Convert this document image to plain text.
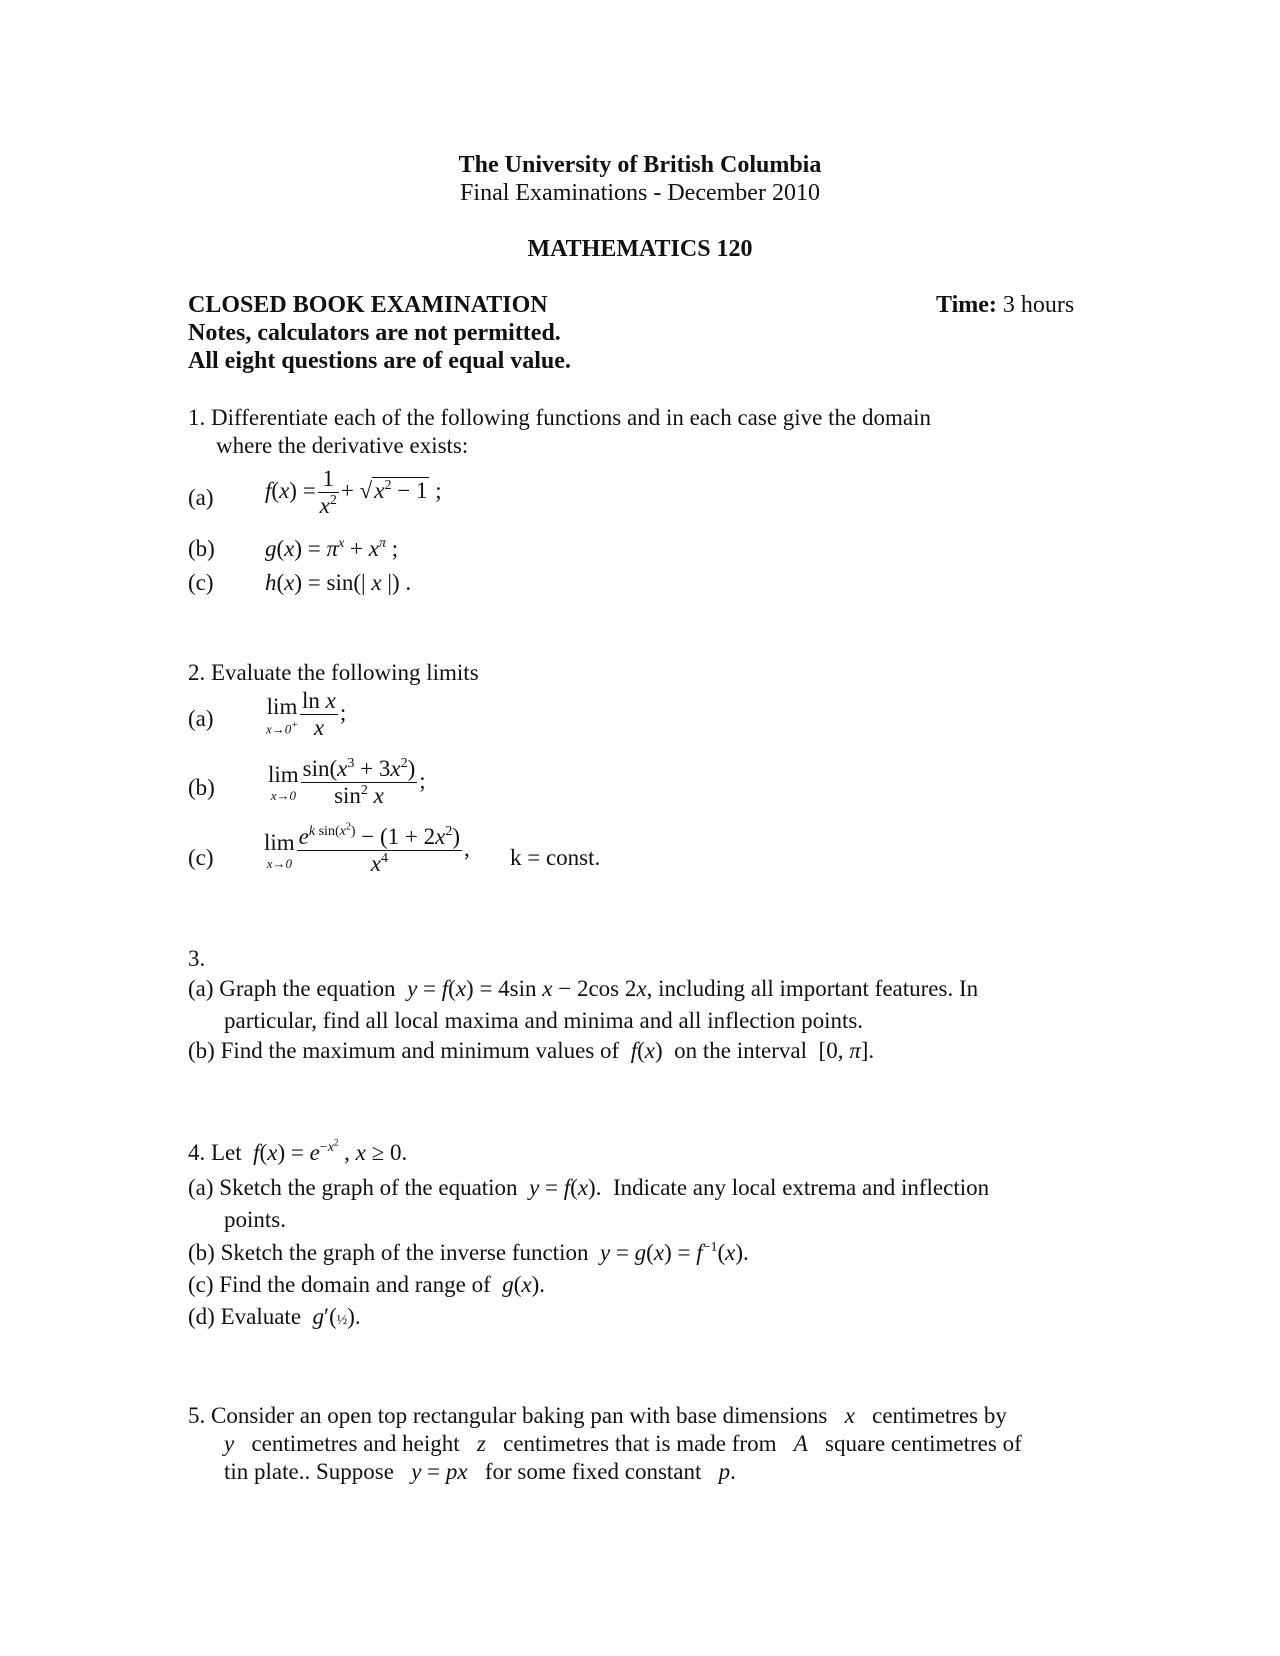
The University of British Columbia
Final Examinations - December 2010
MATHEMATICS 120
CLOSED BOOK EXAMINATION	Time: 3 hours
Notes, calculators are not permitted.
All eight questions are of equal value.
1. Differentiate each of the following functions and in each case give the domain
where the derivative exists:
(a) $f(x) = \frac{1}{x^2} + √x^2 - 1$ ;
(b) $g(x) = \pi^x + x^\pi$ ;
(c) h(x) = sin(| x |) .
2. Evaluate the following limits
(a) lim
$x\to 0^+ \frac{\text{ln x}}{x}$ ;
(b)
lim
$x\to 0 \frac{\sin(x^3 + 3x^2)}{\sin^2 x}$ ;
(c)
lim
$x\to 0 \frac{e^{k sin(x^2)} - (1 + 2x^2)}{x^4}$ , k = const.
3.
(a) Graph the equation y = f(x) = 4sin x − 2cos 2x, including all important features. In
particular, find all local maxima and minima and all inflection points.
(b) Find the maximum and minimum values of f(x)  on the interval  [0, π].
4. Let $f(x) = e^{-x^2}$ , x ≥ 0.
(a) Sketch the graph of the equation y = f(x).  Indicate any local extrema and inflection
points.
(b) Sketch the graph of the inverse function $y = g(x) = f^{-1}(x)$.
(c) Find the domain and range of g(x).
(d) Evaluate g′(½).
5. Consider an open top rectangular baking pan with base dimensions   x   centimetres by
y   centimetres and height   z   centimetres that is made from   A   square centimetres of
tin plate.. Suppose   y = px   for some fixed constant   p.
